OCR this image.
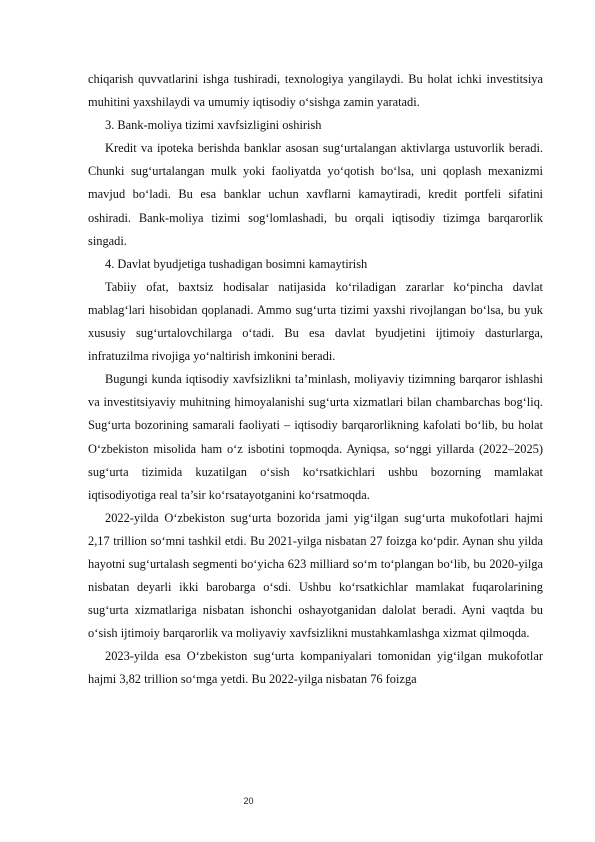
chiqarish quvvatlarini ishga tushiradi, texnologiya yangilaydi. Bu holat ichki investitsiya muhitini yaxshilaydi va umumiy iqtisodiy o‘sishga zamin yaratadi.

3. Bank-moliya tizimi xavfsizligini oshirish

Kredit va ipoteka berishda banklar asosan sug‘urtalangan aktivlarga ustuvorlik beradi. Chunki sug‘urtalangan mulk yoki faoliyatda yo‘qotish bo‘lsa, uni qoplash mexanizmi mavjud bo‘ladi. Bu esa banklar uchun xavflarni kamaytiradi, kredit portfeli sifatini oshiradi. Bank-moliya tizimi sog‘lomlashadi, bu orqali iqtisodiy tizimga barqarorlik singadi.

4. Davlat byudjetiga tushadigan bosimni kamaytirish

Tabiiy ofat, baxtsiz hodisalar natijasida ko‘riladigan zararlar ko‘pincha davlat mablag‘lari hisobidan qoplanadi. Ammo sug‘urta tizimi yaxshi rivojlangan bo‘lsa, bu yuk xususiy sug‘urtalovchilarga o‘tadi. Bu esa davlat byudjetini ijtimoiy dasturlarga, infratuzilma rivojiga yo‘naltirish imkonini beradi.

Bugungi kunda iqtisodiy xavfsizlikni ta’minlash, moliyaviy tizimning barqaror ishlashi va investitsiyaviy muhitning himoyalanishi sug‘urta xizmatlari bilan chambarchas bog‘liq. Sug‘urta bozorining samarali faoliyati – iqtisodiy barqarorlikning kafolati bo‘lib, bu holat O‘zbekiston misolida ham o‘z isbotini topmoqda. Ayniqsa, so‘nggi yillarda (2022–2025) sug‘urta tizimida kuzatilgan o‘sish ko‘rsatkichlari ushbu bozorning mamlakat iqtisodiyotiga real ta’sir ko‘rsatayotganini ko‘rsatmoqda.

2022-yilda O‘zbekiston sug‘urta bozorida jami yig‘ilgan sug‘urta mukofotlari hajmi 2,17 trillion so‘mni tashkil etdi. Bu 2021-yilga nisbatan 27 foizga ko‘pdir. Aynan shu yilda hayotni sug‘urtalash segmenti bo‘yicha 623 milliard so‘m to‘plangan bo‘lib, bu 2020-yilga nisbatan deyarli ikki barobarga o‘sdi. Ushbu ko‘rsatkichlar mamlakat fuqarolarining sug‘urta xizmatlariga nisbatan ishonchi oshayotganidan dalolat beradi. Ayni vaqtda bu o‘sish ijtimoiy barqarorlik va moliyaviy xavfsizlikni mustahkamlashga xizmat qilmoqda.

2023-yilda esa O‘zbekiston sug‘urta kompaniyalari tomonidan yig‘ilgan mukofotlar hajmi 3,82 trillion so‘mga yetdi. Bu 2022-yilga nisbatan 76 foizga

20
